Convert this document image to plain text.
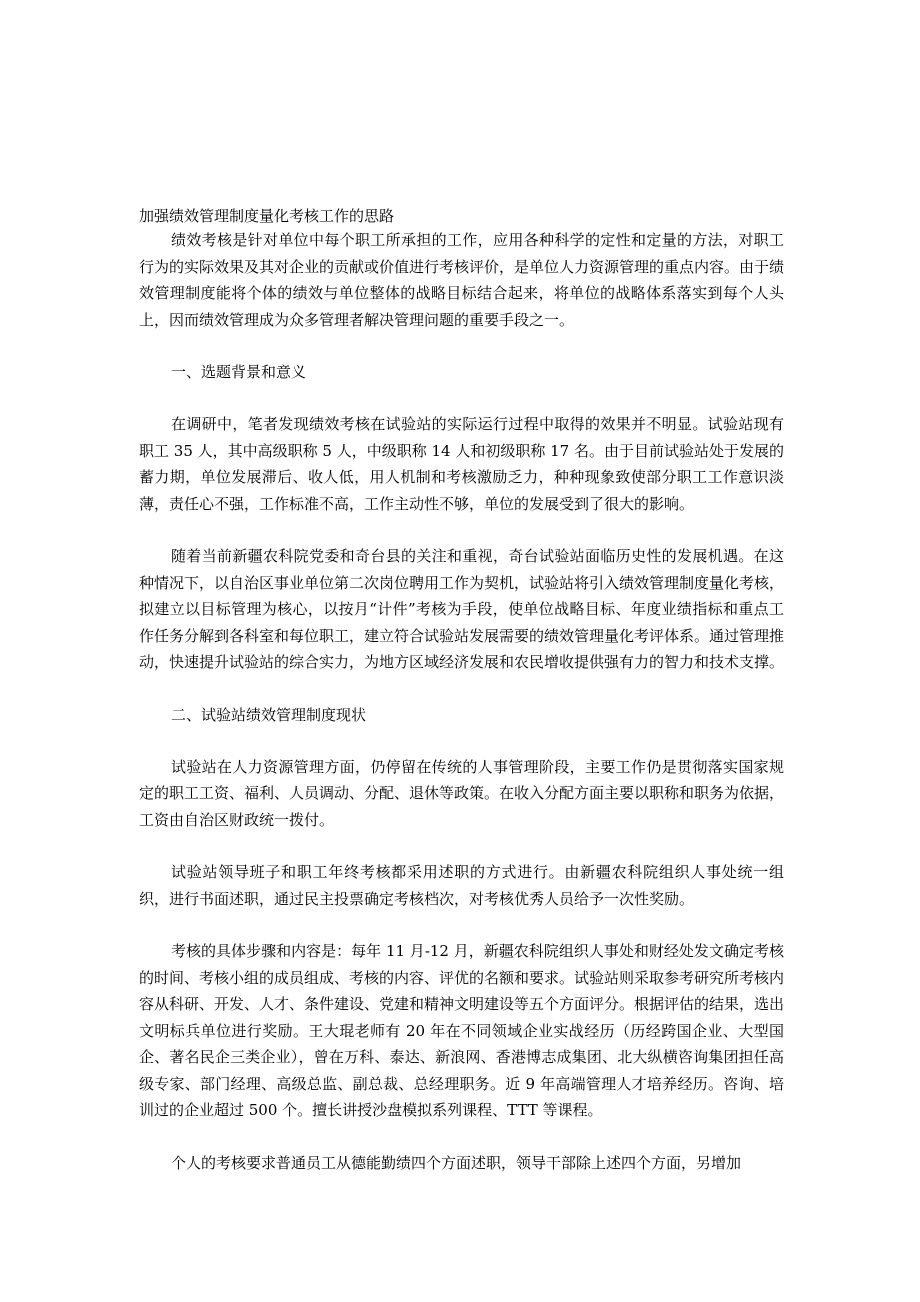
加强绩效管理制度量化考核工作的思路

绩效考核是针对单位中每个职工所承担的工作，应用各种科学的定性和定量的方法，对职工行为的实际效果及其对企业的贡献或价值进行考核评价，是单位人力资源管理的重点内容。由于绩效管理制度能将个体的绩效与单位整体的战略目标结合起来，将单位的战略体系落实到每个人头上，因而绩效管理成为众多管理者解决管理问题的重要手段之一。

一、选题背景和意义

在调研中，笔者发现绩效考核在试验站的实际运行过程中取得的效果并不明显。试验站现有职工 35 人，其中高级职称 5 人，中级职称 14 人和初级职称 17 名。由于目前试验站处于发展的蓄力期，单位发展滞后、收人低，用人机制和考核激励乏力，种种现象致使部分职工工作意识淡薄，责任心不强，工作标准不高，工作主动性不够，单位的发展受到了很大的影响。

随着当前新疆农科院党委和奇台县的关注和重视，奇台试验站面临历史性的发展机遇。在这种情况下，以自治区事业单位第二次岗位聘用工作为契机，试验站将引入绩效管理制度量化考核，拟建立以目标管理为核心，以按月“计件”考核为手段，使单位战略目标、年度业绩指标和重点工作任务分解到各科室和每位职工，建立符合试验站发展需要的绩效管理量化考评体系。通过管理推动，快速提升试验站的综合实力，为地方区域经济发展和农民增收提供强有力的智力和技术支撑。

二、试验站绩效管理制度现状

试验站在人力资源管理方面，仍停留在传统的人事管理阶段，主要工作仍是贯彻落实国家规定的职工工资、福利、人员调动、分配、退休等政策。在收入分配方面主要以职称和职务为依据，工资由自治区财政统一拨付。

试验站领导班子和职工年终考核都采用述职的方式进行。由新疆农科院组织人事处统一组织，进行书面述职，通过民主投票确定考核档次，对考核优秀人员给予一次性奖励。

考核的具体步骤和内容是：每年 11 月-12 月，新疆农科院组织人事处和财经处发文确定考核的时间、考核小组的成员组成、考核的内容、评优的名额和要求。试验站则采取参考研究所考核内容从科研、开发、人才、条件建设、党建和精神文明建设等五个方面评分。根据评估的结果，选出文明标兵单位进行奖励。王大琨老师有 20 年在不同领域企业实战经历（历经跨国企业、大型国企、著名民企三类企业），曾在万科、泰达、新浪网、香港博志成集团、北大纵横咨询集团担任高级专家、部门经理、高级总监、副总裁、总经理职务。近 9 年高端管理人才培养经历。咨询、培训过的企业超过 500 个。擅长讲授沙盘模拟系列课程、TTT 等课程。

个人的考核要求普通员工从德能勤绩四个方面述职，领导干部除上述四个方面，另增加
